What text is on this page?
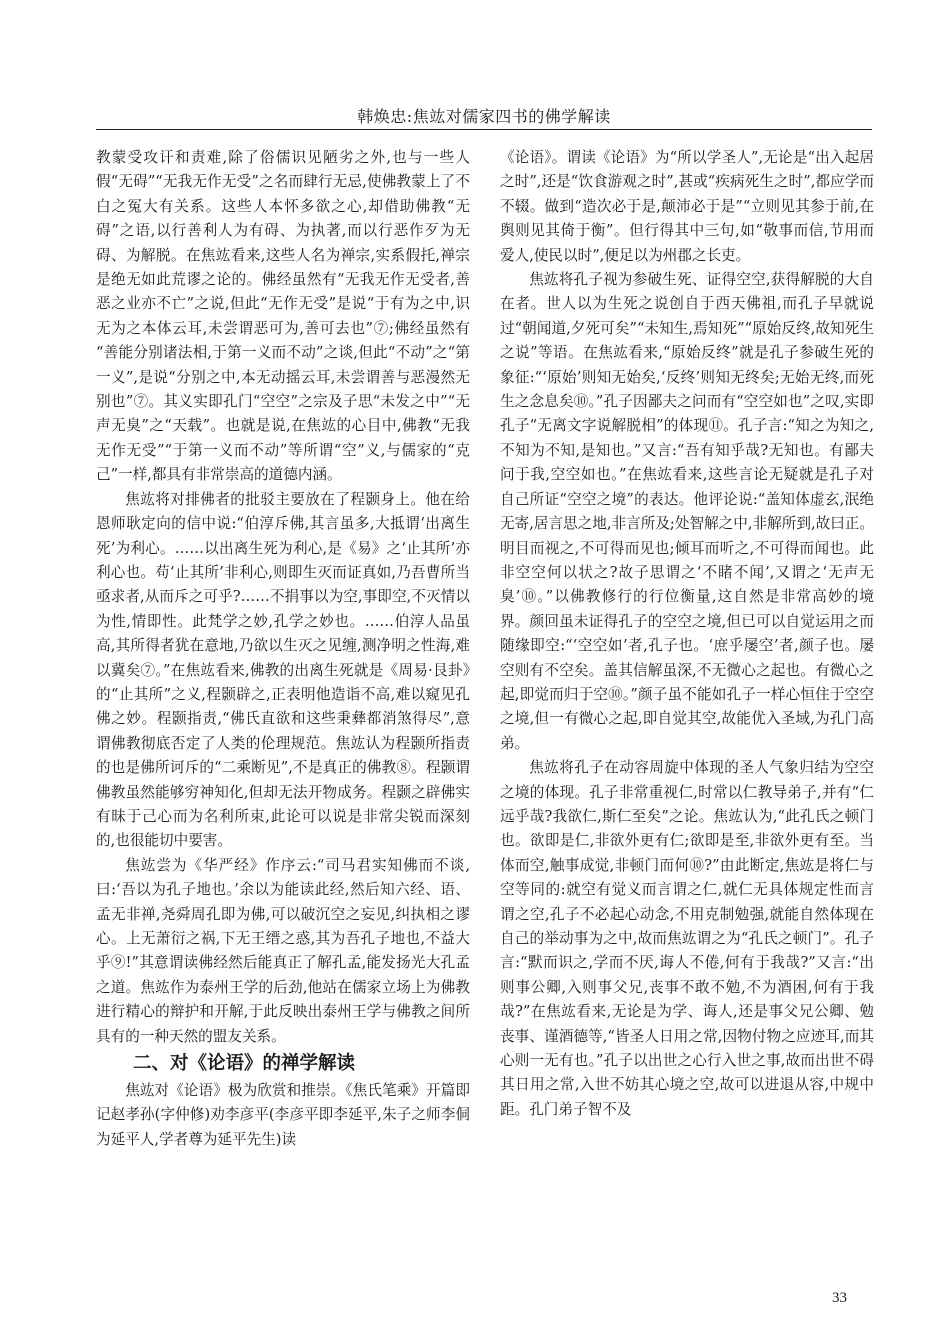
韩焕忠:焦竑对儒家四书的佛学解读

教蒙受攻讦和责难,除了俗儒识见陋劣之外,也与一些人假“无碍”“无我无作无受”之名而肆行无忌,使佛教蒙上了不白之冤大有关系。这些人本怀多欲之心,却借助佛教“无碍”之语,以行善利人为有碍、为执著,而以行恶作歹为无碍、为解脱。在焦竑看来,这些人名为禅宗,实系假托,禅宗是绝无如此荒谬之论的。佛经虽然有“无我无作无受者,善恶之业亦不亡”之说,但此“无作无受”是说“于有为之中,识无为之本体云耳,未尝谓恶可为,善可去也”⑦;佛经虽然有 “善能分别诸法相,于第一义而不动”之谈,但此“不动”之“第一义”,是说“分别之中,本无动摇云耳,未尝谓善与恶漫然无别也”⑦。其义实即孔门“空空”之宗及子思“未发之中”“无声无臭”之“天载”。也就是说,在焦竑的心目中,佛教“无我无作无受”“于第一义而不动”等所谓“空”义,与儒家的“克己”一样,都具有非常崇高的道德内涵。

焦竑将对排佛者的批驳主要放在了程颢身上。他在给恩师耿定向的信中说:“伯淳斥佛,其言虽多,大抵谓‘出离生死’为利心。……以出离生死为利心,是《易》之‘止其所’亦利心也。苟‘止其所’非利心,则即生灭而证真如,乃吾曹所当亟求者,从而斥之可乎?……不捐事以为空,事即空,不灭情以为性,情即性。此梵学之妙,孔学之妙也。……伯淳人品虽高,其所得者犹在意地,乃欲以生灭之见缠,测净明之性海,难以冀矣⑦。”在焦竑看来,佛教的出离生死就是《周易·艮卦》的“止其所”之义,程颢辟之,正表明他造诣不高,难以窥见孔佛之妙。程颢指责,“佛氏直欲和这些秉彝都消煞得尽”,意谓佛教彻底否定了人类的伦理规范。焦竑认为程颢所指责的也是佛所诃斥的“二乘断见”,不是真正的佛教⑧。程颢谓佛教虽然能够穷神知化,但却无法开物成务。程颢之辟佛实有昧于己心而为名利所束,此论可以说是非常尖锐而深刻的,也很能切中要害。

焦竑尝为《华严经》作序云:“司马君实知佛而不谈,曰:‘吾以为孔子地也。’余以为能读此经,然后知六经、语、孟无非禅,尧舜周孔即为佛,可以破沉空之妄见,纠执相之谬心。上无萧衍之祸,下无王缙之惑,其为吾孔子地也,不益大乎⑨!”其意谓读佛经然后能真正了解孔孟,能发扬光大孔孟之道。焦竑作为泰州王学的后劲,他站在儒家立场上为佛教进行精心的辩护和开解,于此反映出泰州王学与佛教之间所具有的一种天然的盟友关系。

二、对《论语》的禅学解读

焦竑对《论语》极为欣赏和推崇。《焦氏笔乘》开篇即记赵孝孙(字仲修)劝李彦平(李彦平即李延平,朱子之师李侗为延平人,学者尊为延平先生)读

《论语》。谓读《论语》为“所以学圣人”,无论是“出入起居之时”,还是“饮食游观之时”,甚或“疾病死生之时”,都应学而不辍。做到“造次必于是,颠沛必于是”“立则见其参于前,在舆则见其倚于衡”。但行得其中三句,如“敬事而信,节用而爱人,使民以时”,便足以为州郡之长吏。

焦竑将孔子视为参破生死、证得空空,获得解脱的大自在者。世人以为生死之说创自于西天佛祖,而孔子早就说过“朝闻道,夕死可矣”“未知生,焉知死”“原始反终,故知死生之说”等语。在焦竑看来,“原始反终”就是孔子参破生死的象征:“‘原始’则知无始矣,‘反终’则知无终矣;无始无终,而死生之念息矣⑩。”孔子因鄙夫之问而有“空空如也”之叹,实即孔子“无离文字说解脱相”的体现⑪。孔子言:“知之为知之,不知为不知,是知也。”又言:“吾有知乎哉?无知也。有鄙夫问于我,空空如也。”在焦竑看来,这些言论无疑就是孔子对自己所证“空空之境”的表达。他评论说:“盖知体虚玄,泯绝无寄,居言思之地,非言所及;处智解之中,非解所到,故曰正。明目而视之,不可得而见也;倾耳而听之,不可得而闻也。此非空空何以状之?故子思谓之‘不睹不闻’,又谓之‘无声无臭’⑩。”以佛教修行的行位衡量,这自然是非常高妙的境界。颜回虽未证得孔子的空空之境,但已可以自觉运用之而随缘即空:“‘空空如’者,孔子也。‘庶乎屡空’者,颜子也。屡空则有不空矣。盖其信解虽深,不无微心之起也。有微心之起,即觉而归于空⑩。”颜子虽不能如孔子一样心恒住于空空之境,但一有微心之起,即自觉其空,故能优入圣域,为孔门高弟。

焦竑将孔子在动容周旋中体现的圣人气象归结为空空之境的体现。孔子非常重视仁,时常以仁教导弟子,并有“仁远乎哉?我欲仁,斯仁至矣”之论。焦竑认为,“此孔氏之顿门也。欲即是仁,非欲外更有仁;欲即是至,非欲外更有至。当体而空,触事成觉,非顿门而何⑩?”由此断定,焦竑是将仁与空等同的:就空有觉义而言谓之仁,就仁无具体规定性而言谓之空,孔子不必起心动念,不用克制勉强,就能自然体现在自己的举动事为之中,故而焦竑谓之为“孔氏之顿门”。孔子言:“默而识之,学而不厌,诲人不倦,何有于我哉?”又言:“出则事公卿,入则事父兄,丧事不敢不勉,不为酒困,何有于我哉?”在焦竑看来,无论是为学、诲人,还是事父兄公卿、勉丧事、谨酒德等,“皆圣人日用之常,因物付物之应迹耳,而其心则一无有也。”孔子以出世之心行入世之事,故而出世不碍其日用之常,入世不妨其心境之空,故可以进退从容,中规中距。孔门弟子智不及

33
